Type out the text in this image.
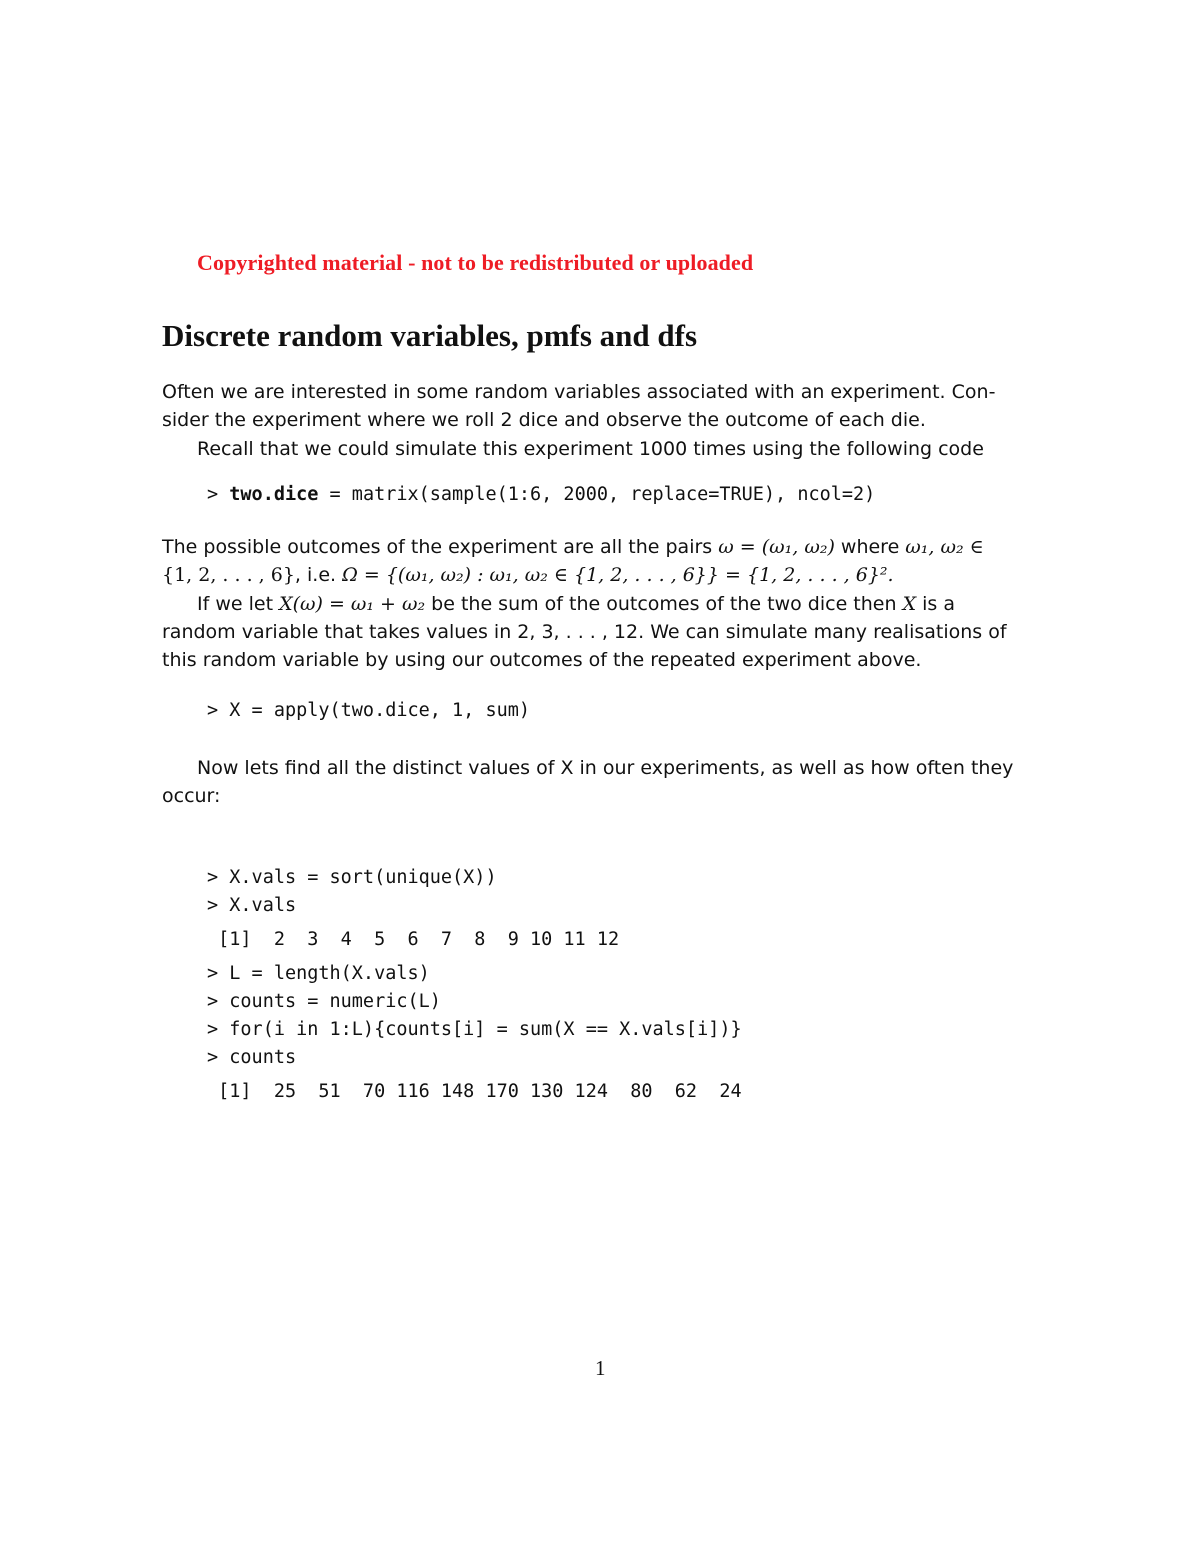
Copyrighted material - not to be redistributed or uploaded
Discrete random variables, pmfs and dfs

Often we are interested in some random variables associated with an experiment. Con-
sider the experiment where we roll 2 dice and observe the outcome of each die.
Recall that we could simulate this experiment 1000 times using the following code

> two.dice = matrix(sample(1:6, 2000, replace=TRUE), ncol=2)

The possible outcomes of the experiment are all the pairs ω = (ω₁, ω₂) where ω₁, ω₂ ∈
{1, 2, . . . , 6}, i.e. Ω = {(ω₁, ω₂) : ω₁, ω₂ ∈ {1, 2, . . . , 6}} = {1, 2, . . . , 6}².
If we let X(ω) = ω₁ + ω₂ be the sum of the outcomes of the two dice then X is a
random variable that takes values in 2, 3, . . . , 12. We can simulate many realisations of
this random variable by using our outcomes of the repeated experiment above.

> X = apply(two.dice, 1, sum)

Now lets find all the distinct values of X in our experiments, as well as how often they
occur:

> X.vals = sort(unique(X))
> X.vals
[1]  2  3  4  5  6  7  8  9 10 11 12
> L = length(X.vals)
> counts = numeric(L)
> for(i in 1:L){counts[i] = sum(X == X.vals[i])}
> counts
[1]  25  51  70 116 148 170 130 124  80  62  24

1
